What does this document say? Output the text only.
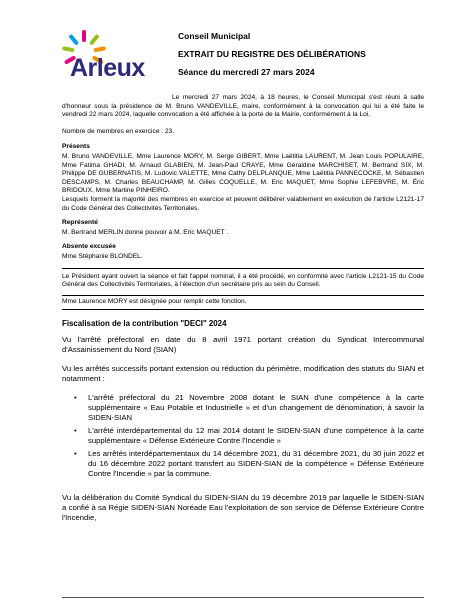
Arleux
Conseil Municipal
EXTRAIT DU REGISTRE DES DÉLIBÉRATIONS
Séance du mercredi 27 mars 2024
Le mercredi 27 mars 2024, à 18 heures, le Conseil Municipal s'est réuni à salle d'honneur sous la présidence de M. Bruno VANDEVILLE, maire, conformément à la convocation qui lui a été faite le vendredi 22 mars 2024, laquelle convocation a été affichée à la porte de la Mairie, conformément à la Loi.
Nombre de membres en exercice : 23.
Présents
M. Bruno VANDEVILLE, Mme Laurence MORY, M. Serge GIBERT, Mme Laëtitia LAURENT, M. Jean Louis POPULAIRE, Mme Fatima GHADI, M. Arnaud GLABIEN, M. Jean-Paul CRAYE, Mme Géraldine MARCHISET, M. Bertrand SIX, M. Philippe DE GUBERNATIS, M. Ludovic VALETTE, Mme Cathy DELPLANQUE, Mme Laëtitia PANNECOCKE, M. Sébastien DESCAMPS, M. Charles BEAUCHAMP, M. Gilles COQUELLE, M. Eric MAQUET, Mme Sophie LEFEBVRE, M. Éric BRIDOUX, Mme Martine PINHEIRO.
Lesquels forment la majorité des membres en exercice et peuvent délibérer valablement en exécution de l'article L2121-17 du Code Général des Collectivités Territoriales.
Représenté
M. Bertrand MERLIN donne pouvoir à M. Eric MAQUET .
Absente excusée
Mme Stéphanie BLONDEL.
Le Président ayant ouvert la séance et fait l'appel nominal, il a été procédé, en conformité avec l'article L2121-15 du Code Général des Collectivités Territoriales, à l'élection d'un secrétaire pris au sein du Conseil.
Mme Laurence MORY est désignée pour remplir cette fonction.
Fiscalisation de la contribution "DECI" 2024
Vu l'arrêté préfectoral en date du 8 avril 1971 portant création du Syndicat Intercommunal d'Assainissement du Nord (SIAN)
Vu les arrêtés successifs portant extension ou réduction du périmètre, modification des statuts du SIAN et notamment :
• L'arrêté préfectoral du 21 Novembre 2008 dotant le SIAN d'une compétence à la carte supplémentaire « Eau Potable et Industrielle » et d'un changement de dénomination, à savoir la SIDEN-SIAN
• L'arrêté interdépartemental du 12 mai 2014 dotant le SIDEN-SIAN d'une compétence à la carte supplémentaire « Défense Extérieure Contre l'Incendie »
• Les arrêtés interdépartementaux du 14 décembre 2021, du 31 décembre 2021, du 30 juin 2022 et du 16 décembre 2022 portant transfert au SIDEN-SIAN de la compétence « Défense Extérieure Contre l'Incendie » par la commune.
Vu la délibération du Comité Syndical du SIDEN-SIAN du 19 décembre 2019 par laquelle le SIDEN-SIAN a confié à sa Régie SIDEN-SIAN Noréade Eau l'exploitation de son service de Défense Extérieure Contre l'Incendie,
